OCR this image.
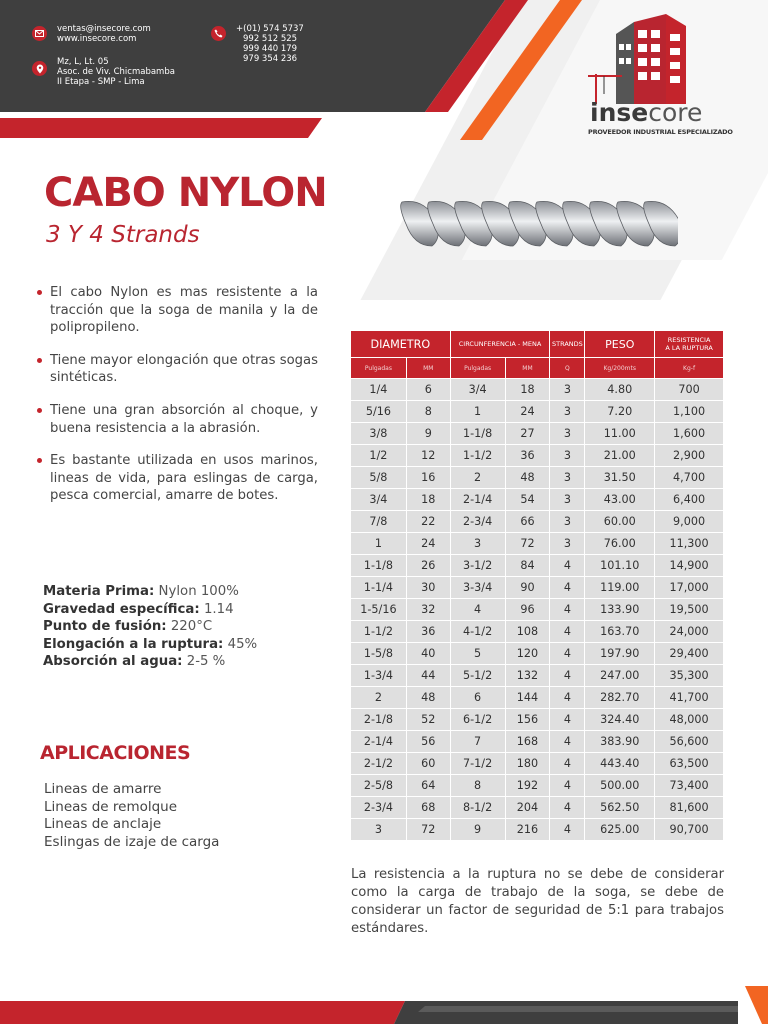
ventas@insecore.com
www.insecore.com
+(01) 574 5737
992 512 525
999 440 179
979 354 236
Mz, L, Lt. 05
Asoc. de Viv. Chicmabamba
II Etapa - SMP - Lima
insecore
PROVEEDOR INDUSTRIAL ESPECIALIZADO
CABO NYLON
3 Y 4 Strands
El cabo Nylon es mas resistente a la tracción que la soga de manila y la de polipropileno.
Tiene mayor elongación que otras sogas sintéticas.
Tiene una gran absorción al choque, y buena resistencia a la abrasión.
Es bastante utilizada en usos marinos, lineas de vida, para eslingas de carga, pesca comercial, amarre de botes.
Materia Prima: Nylon 100%
Gravedad específica: 1.14
Punto de fusión: 220°C
Elongación a la ruptura: 45%
Absorción al agua: 2-5 %
APLICACIONES
Lineas de amarre
Lineas de remolque
Lineas de anclaje
Eslingas de izaje de carga
DIAMETRO		CIRCUNFERENCIA - MENA		STRANDS	PESO	RESISTENCIA
A LA RUPTURA
Pulgadas	MM	Pulgadas	MM	Q	Kg/200mts	Kg-f
1/4	6	3/4	18	3	4.80	700
5/16	8	1	24	3	7.20	1,100
3/8	9	1-1/8	27	3	11.00	1,600
1/2	12	1-1/2	36	3	21.00	2,900
5/8	16	2	48	3	31.50	4,700
3/4	18	2-1/4	54	3	43.00	6,400
7/8	22	2-3/4	66	3	60.00	9,000
1	24	3	72	3	76.00	11,300
1-1/8	26	3-1/2	84	4	101.10	14,900
1-1/4	30	3-3/4	90	4	119.00	17,000
1-5/16	32	4	96	4	133.90	19,500
1-1/2	36	4-1/2	108	4	163.70	24,000
1-5/8	40	5	120	4	197.90	29,400
1-3/4	44	5-1/2	132	4	247.00	35,300
2	48	6	144	4	282.70	41,700
2-1/8	52	6-1/2	156	4	324.40	48,000
2-1/4	56	7	168	4	383.90	56,600
2-1/2	60	7-1/2	180	4	443.40	63,500
2-5/8	64	8	192	4	500.00	73,400
2-3/4	68	8-1/2	204	4	562.50	81,600
3	72	9	216	4	625.00	90,700
La resistencia a la ruptura no se debe de considerar como la carga de trabajo de la soga, se debe de considerar un factor de seguridad de 5:1 para trabajos estándares.
